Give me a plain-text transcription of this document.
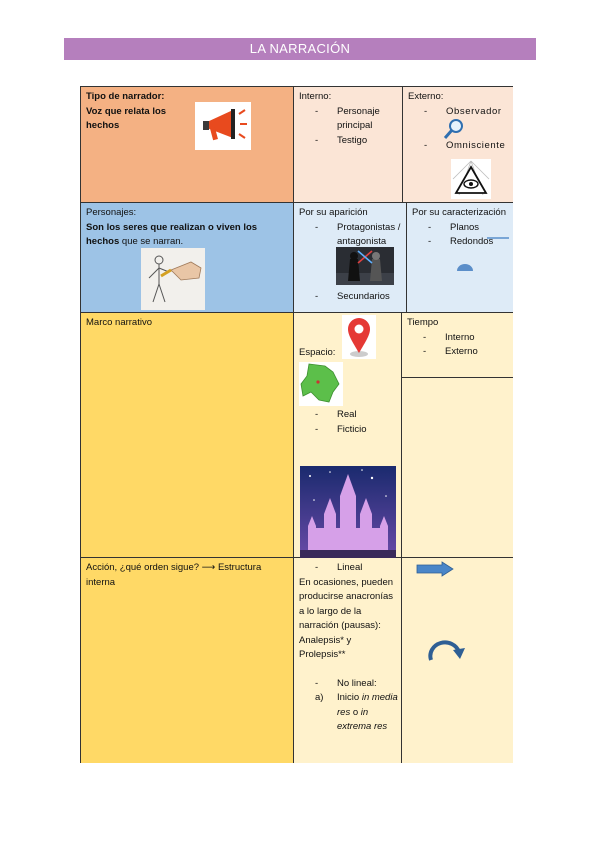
LA NARRACIÓN
Tipo de narrador:
Voz que relata los hechos
Interno:
- Personaje principal
- Testigo
Externo:
- Observador
- Omnisciente
Personajes:
Son los seres que realizan o viven los hechos que se narran.
Por su aparición
- Protagonistas / antagonista
- Secundarios
Por su caracterización
- Planos
- Redondos
Marco narrativo
Espacio:
- Real
- Ficticio
Tiempo
- Interno
- Externo
Acción, ¿qué orden sigue? ⟶ Estructura interna
- Lineal
En ocasiones, pueden producirse anacronías a lo largo de la narración (pausas): Analepsis* y Prolepsis**
- No lineal:
a) Inicio in media res o in extrema res
